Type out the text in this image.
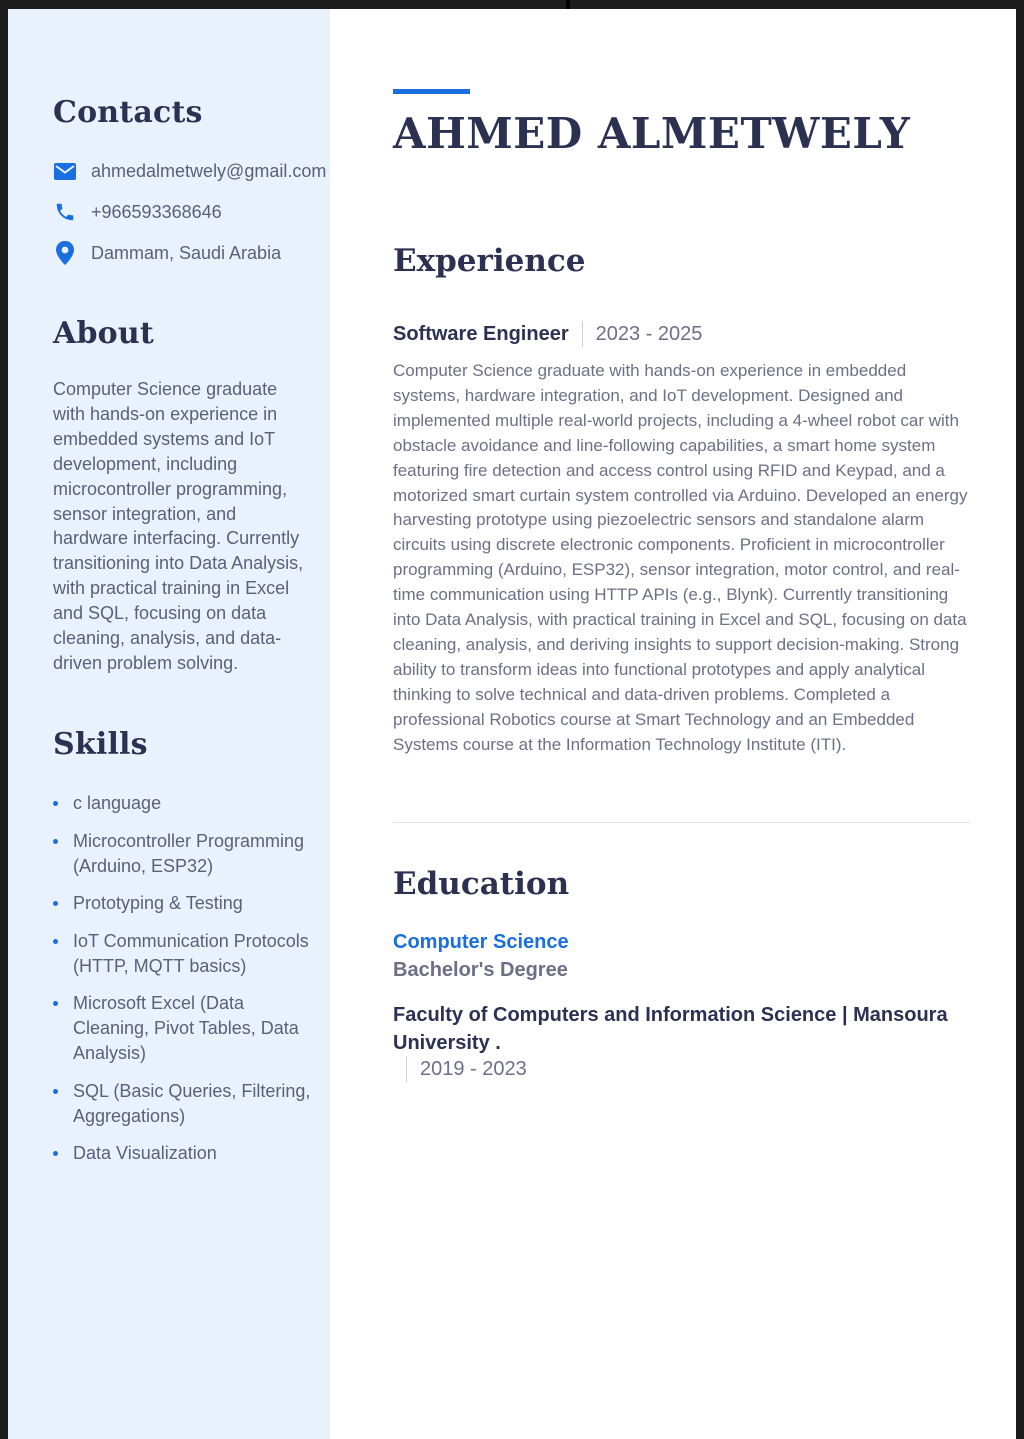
Contacts
ahmedalmetwely@gmail.com
+966593368646
Dammam, Saudi Arabia
About

Computer Science graduate with hands-on experience in embedded systems and IoT development, including microcontroller programming, sensor integration, and hardware interfacing. Currently transitioning into Data Analysis, with practical training in Excel and SQL, focusing on data cleaning, analysis, and data-driven problem solving.

Skills
c language
Microcontroller Programming (Arduino, ESP32)
Prototyping & Testing
IoT Communication Protocols (HTTP, MQTT basics)
Microsoft Excel (Data Cleaning, Pivot Tables, Data Analysis)
SQL (Basic Queries, Filtering, Aggregations)
Data Visualization
AHMED ALMETWELY
Experience
Software Engineer 2023 - 2025

Computer Science graduate with hands-on experience in embedded systems, hardware integration, and IoT development. Designed and implemented multiple real-world projects, including a 4-wheel robot car with obstacle avoidance and line-following capabilities, a smart home system featuring fire detection and access control using RFID and Keypad, and a motorized smart curtain system controlled via Arduino. Developed an energy harvesting prototype using piezoelectric sensors and standalone alarm circuits using discrete electronic components. Proficient in microcontroller programming (Arduino, ESP32), sensor integration, motor control, and real-time communication using HTTP APIs (e.g., Blynk). Currently transitioning into Data Analysis, with practical training in Excel and SQL, focusing on data cleaning, analysis, and deriving insights to support decision-making. Strong ability to transform ideas into functional prototypes and apply analytical thinking to solve technical and data-driven problems. Completed a professional Robotics course at Smart Technology and an Embedded Systems course at the Information Technology Institute (ITI).

Education
Computer Science
Bachelor's Degree

Faculty of Computers and Information Science | Mansoura University .

2019 - 2023
